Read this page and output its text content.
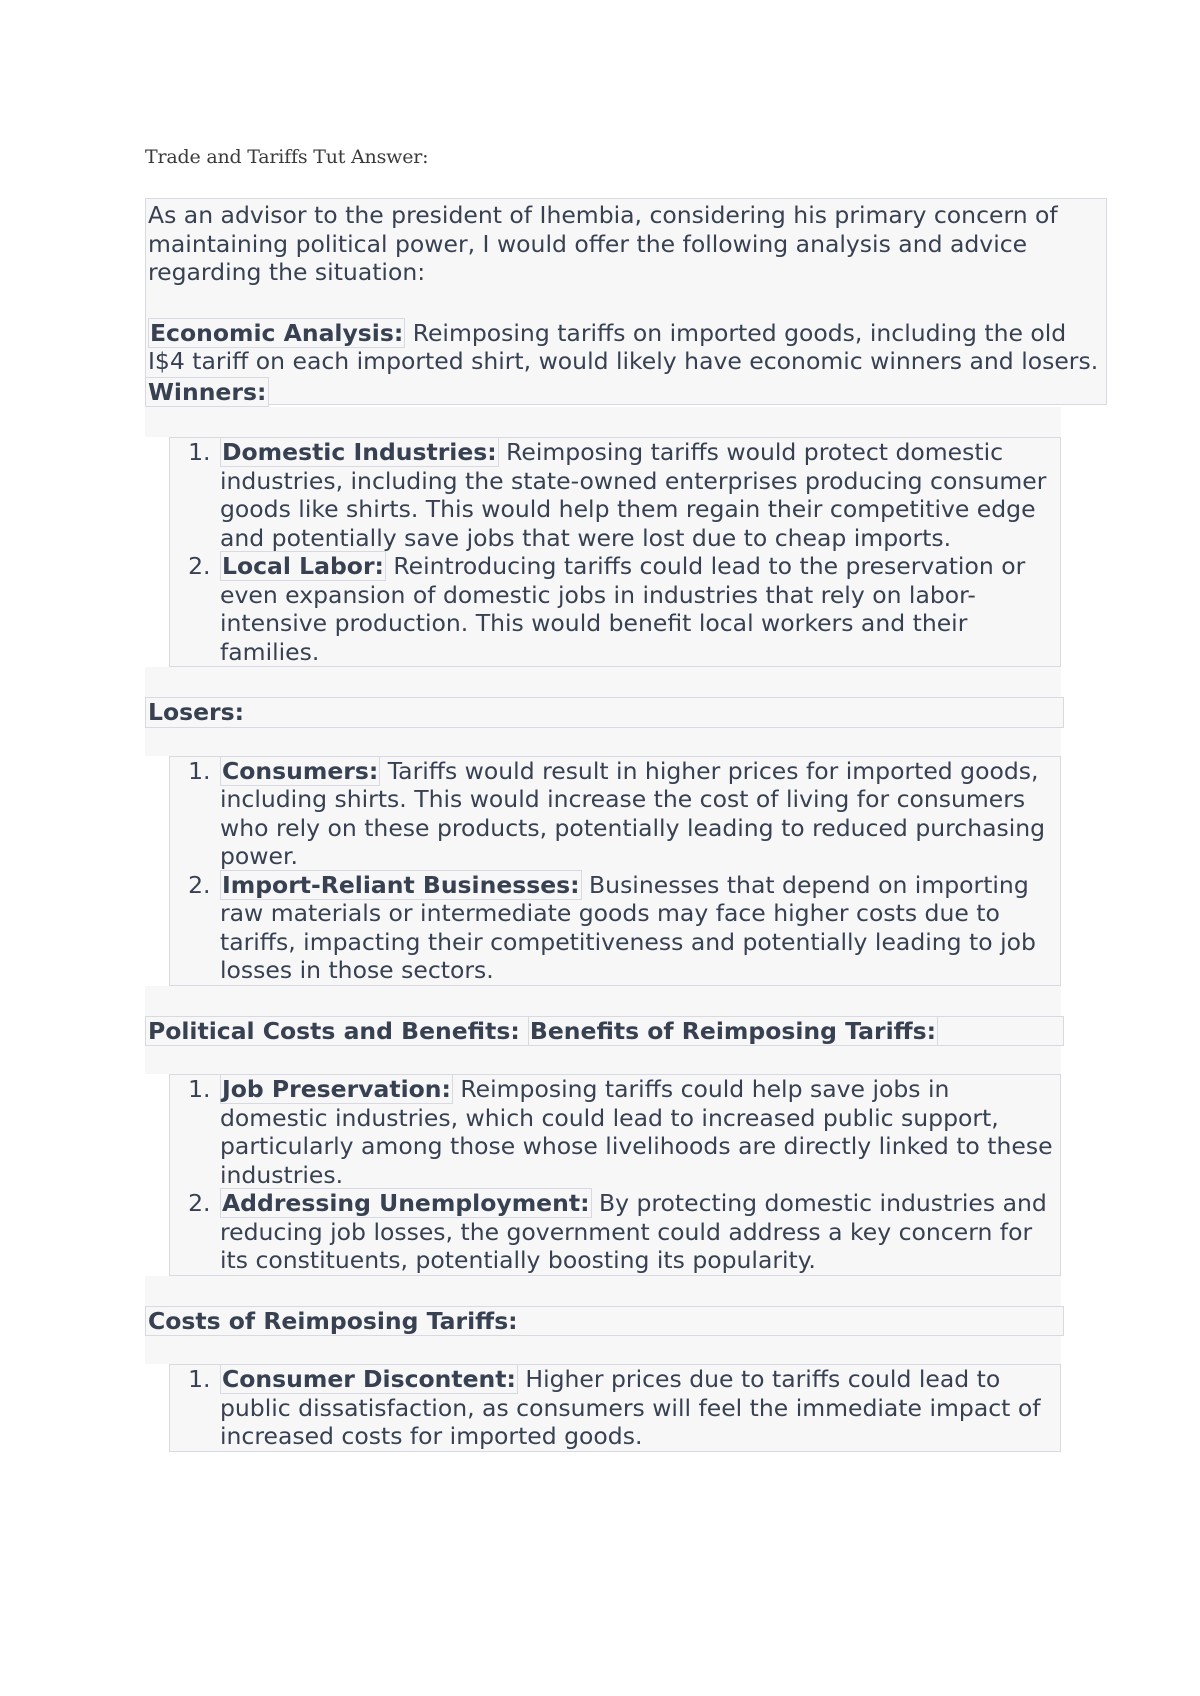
Trade and Tariffs Tut Answer:

As an advisor to the president of Ihembia, considering his primary concern of maintaining political power, I would offer the following analysis and advice regarding the situation:

Economic Analysis: Reimposing tariffs on imported goods, including the old I$4 tariff on each imported shirt, would likely have economic winners and losers.

Winners:
1. Domestic Industries: Reimposing tariffs would protect domestic industries, including the state-owned enterprises producing consumer goods like shirts. This would help them regain their competitive edge and potentially save jobs that were lost due to cheap imports.
2. Local Labor: Reintroducing tariffs could lead to the preservation or even expansion of domestic jobs in industries that rely on labor-intensive production. This would benefit local workers and their families.
Losers:
1. Consumers: Tariffs would result in higher prices for imported goods, including shirts. This would increase the cost of living for consumers who rely on these products, potentially leading to reduced purchasing power.
2. Import-Reliant Businesses: Businesses that depend on importing raw materials or intermediate goods may face higher costs due to tariffs, impacting their competitiveness and potentially leading to job losses in those sectors.
Political Costs and Benefits: Benefits of Reimposing Tariffs:
1. Job Preservation: Reimposing tariffs could help save jobs in domestic industries, which could lead to increased public support, particularly among those whose livelihoods are directly linked to these industries.
2. Addressing Unemployment: By protecting domestic industries and reducing job losses, the government could address a key concern for its constituents, potentially boosting its popularity.
Costs of Reimposing Tariffs:
1. Consumer Discontent: Higher prices due to tariffs could lead to public dissatisfaction, as consumers will feel the immediate impact of increased costs for imported goods.
